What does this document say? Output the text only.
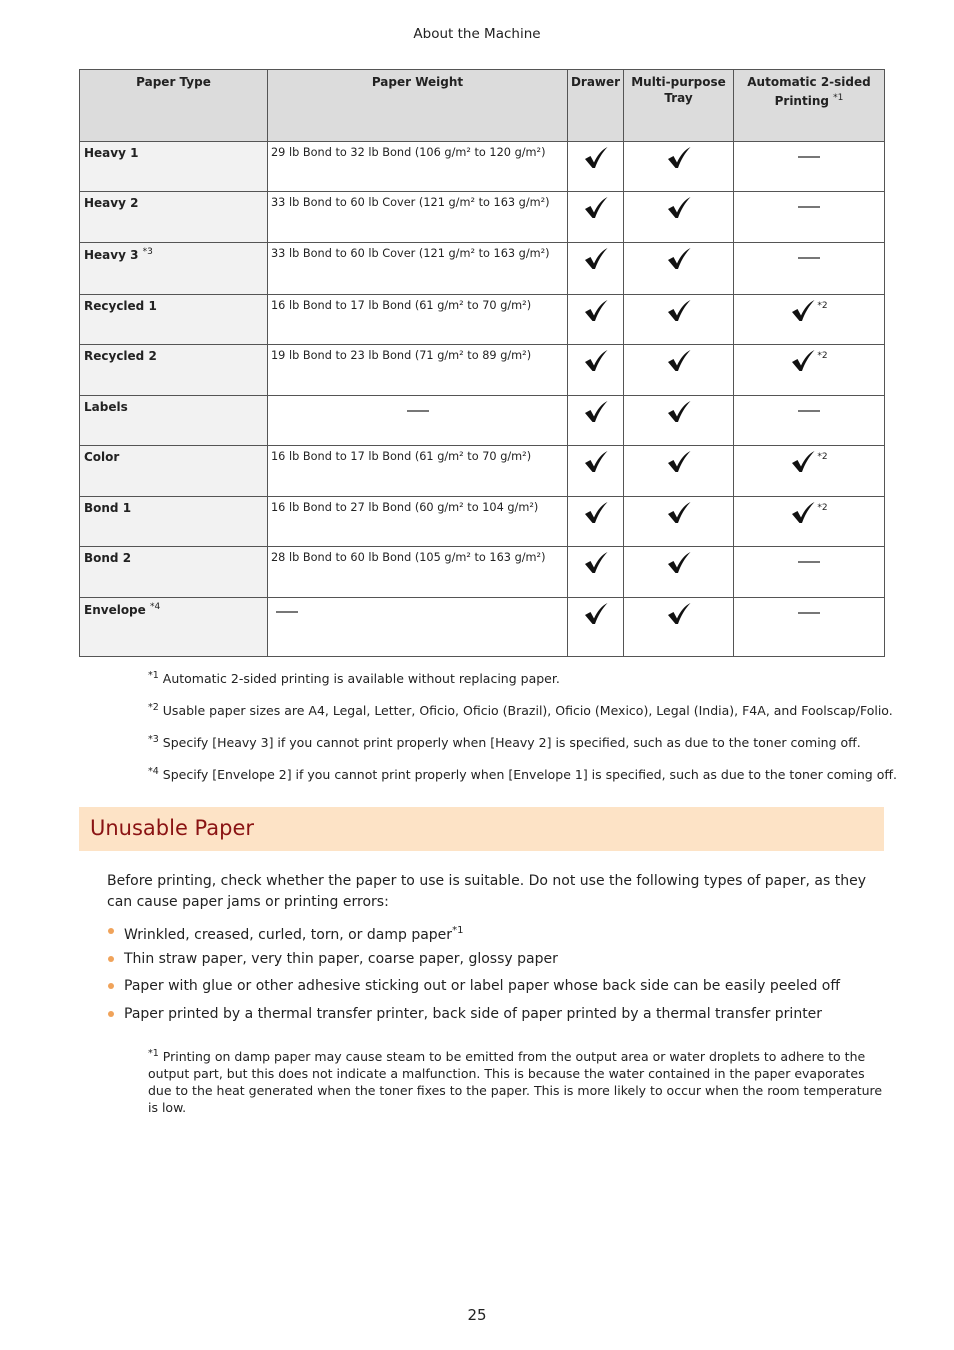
About the Machine
Paper Type	Paper Weight	Drawer	Multi-purpose Tray	Automatic 2-sided Printing $^{*1}$

Heavy 1	29 lb Bond to 32 lb Bond (106 g/m² to 120 g/m²)	

Heavy 2	33 lb Bond to 60 lb Cover (121 g/m² to 163 g/m²)	

Heavy 3 $^{*3}$	33 lb Bond to 60 lb Cover (121 g/m² to 163 g/m²)	

Recycled 1	16 lb Bond to 17 lb Bond (61 g/m² to 70 g/m²)			*2
Recycled 2	19 lb Bond to 23 lb Bond (71 g/m² to 89 g/m²)			*2
Labels		

Color	16 lb Bond to 17 lb Bond (61 g/m² to 70 g/m²)			*2
Bond 1	16 lb Bond to 27 lb Bond (60 g/m² to 104 g/m²)			*2
Bond 2	28 lb Bond to 60 lb Bond (105 g/m² to 163 g/m²)	

Envelope $^{*4}$		

$^{*1}$ Automatic 2-sided printing is available without replacing paper.

$^{*2}$ Usable paper sizes are A4, Legal, Letter, Oficio, Oficio (Brazil), Oficio (Mexico), Legal (India), F4A, and Foolscap/Folio.

$^{*3}$ Specify [Heavy 3] if you cannot print properly when [Heavy 2] is specified, such as due to the toner coming off.

$^{*4}$ Specify [Envelope 2] if you cannot print properly when [Envelope 1] is specified, such as due to the toner coming off.

Unusable Paper

Before printing, check whether the paper to use is suitable. Do not use the following types of paper, as they can cause paper jams or printing errors:

Wrinkled, creased, curled, torn, or damp paper$^{*1}$
Thin straw paper, very thin paper, coarse paper, glossy paper
Paper with glue or other adhesive sticking out or label paper whose back side can be easily peeled off
Paper printed by a thermal transfer printer, back side of paper printed by a thermal transfer printer

$^{*1}$ Printing on damp paper may cause steam to be emitted from the output area or water droplets to adhere to the output part, but this does not indicate a malfunction. This is because the water contained in the paper evaporates due to the heat generated when the toner fixes to the paper. This is more likely to occur when the room temperature is low.

25
